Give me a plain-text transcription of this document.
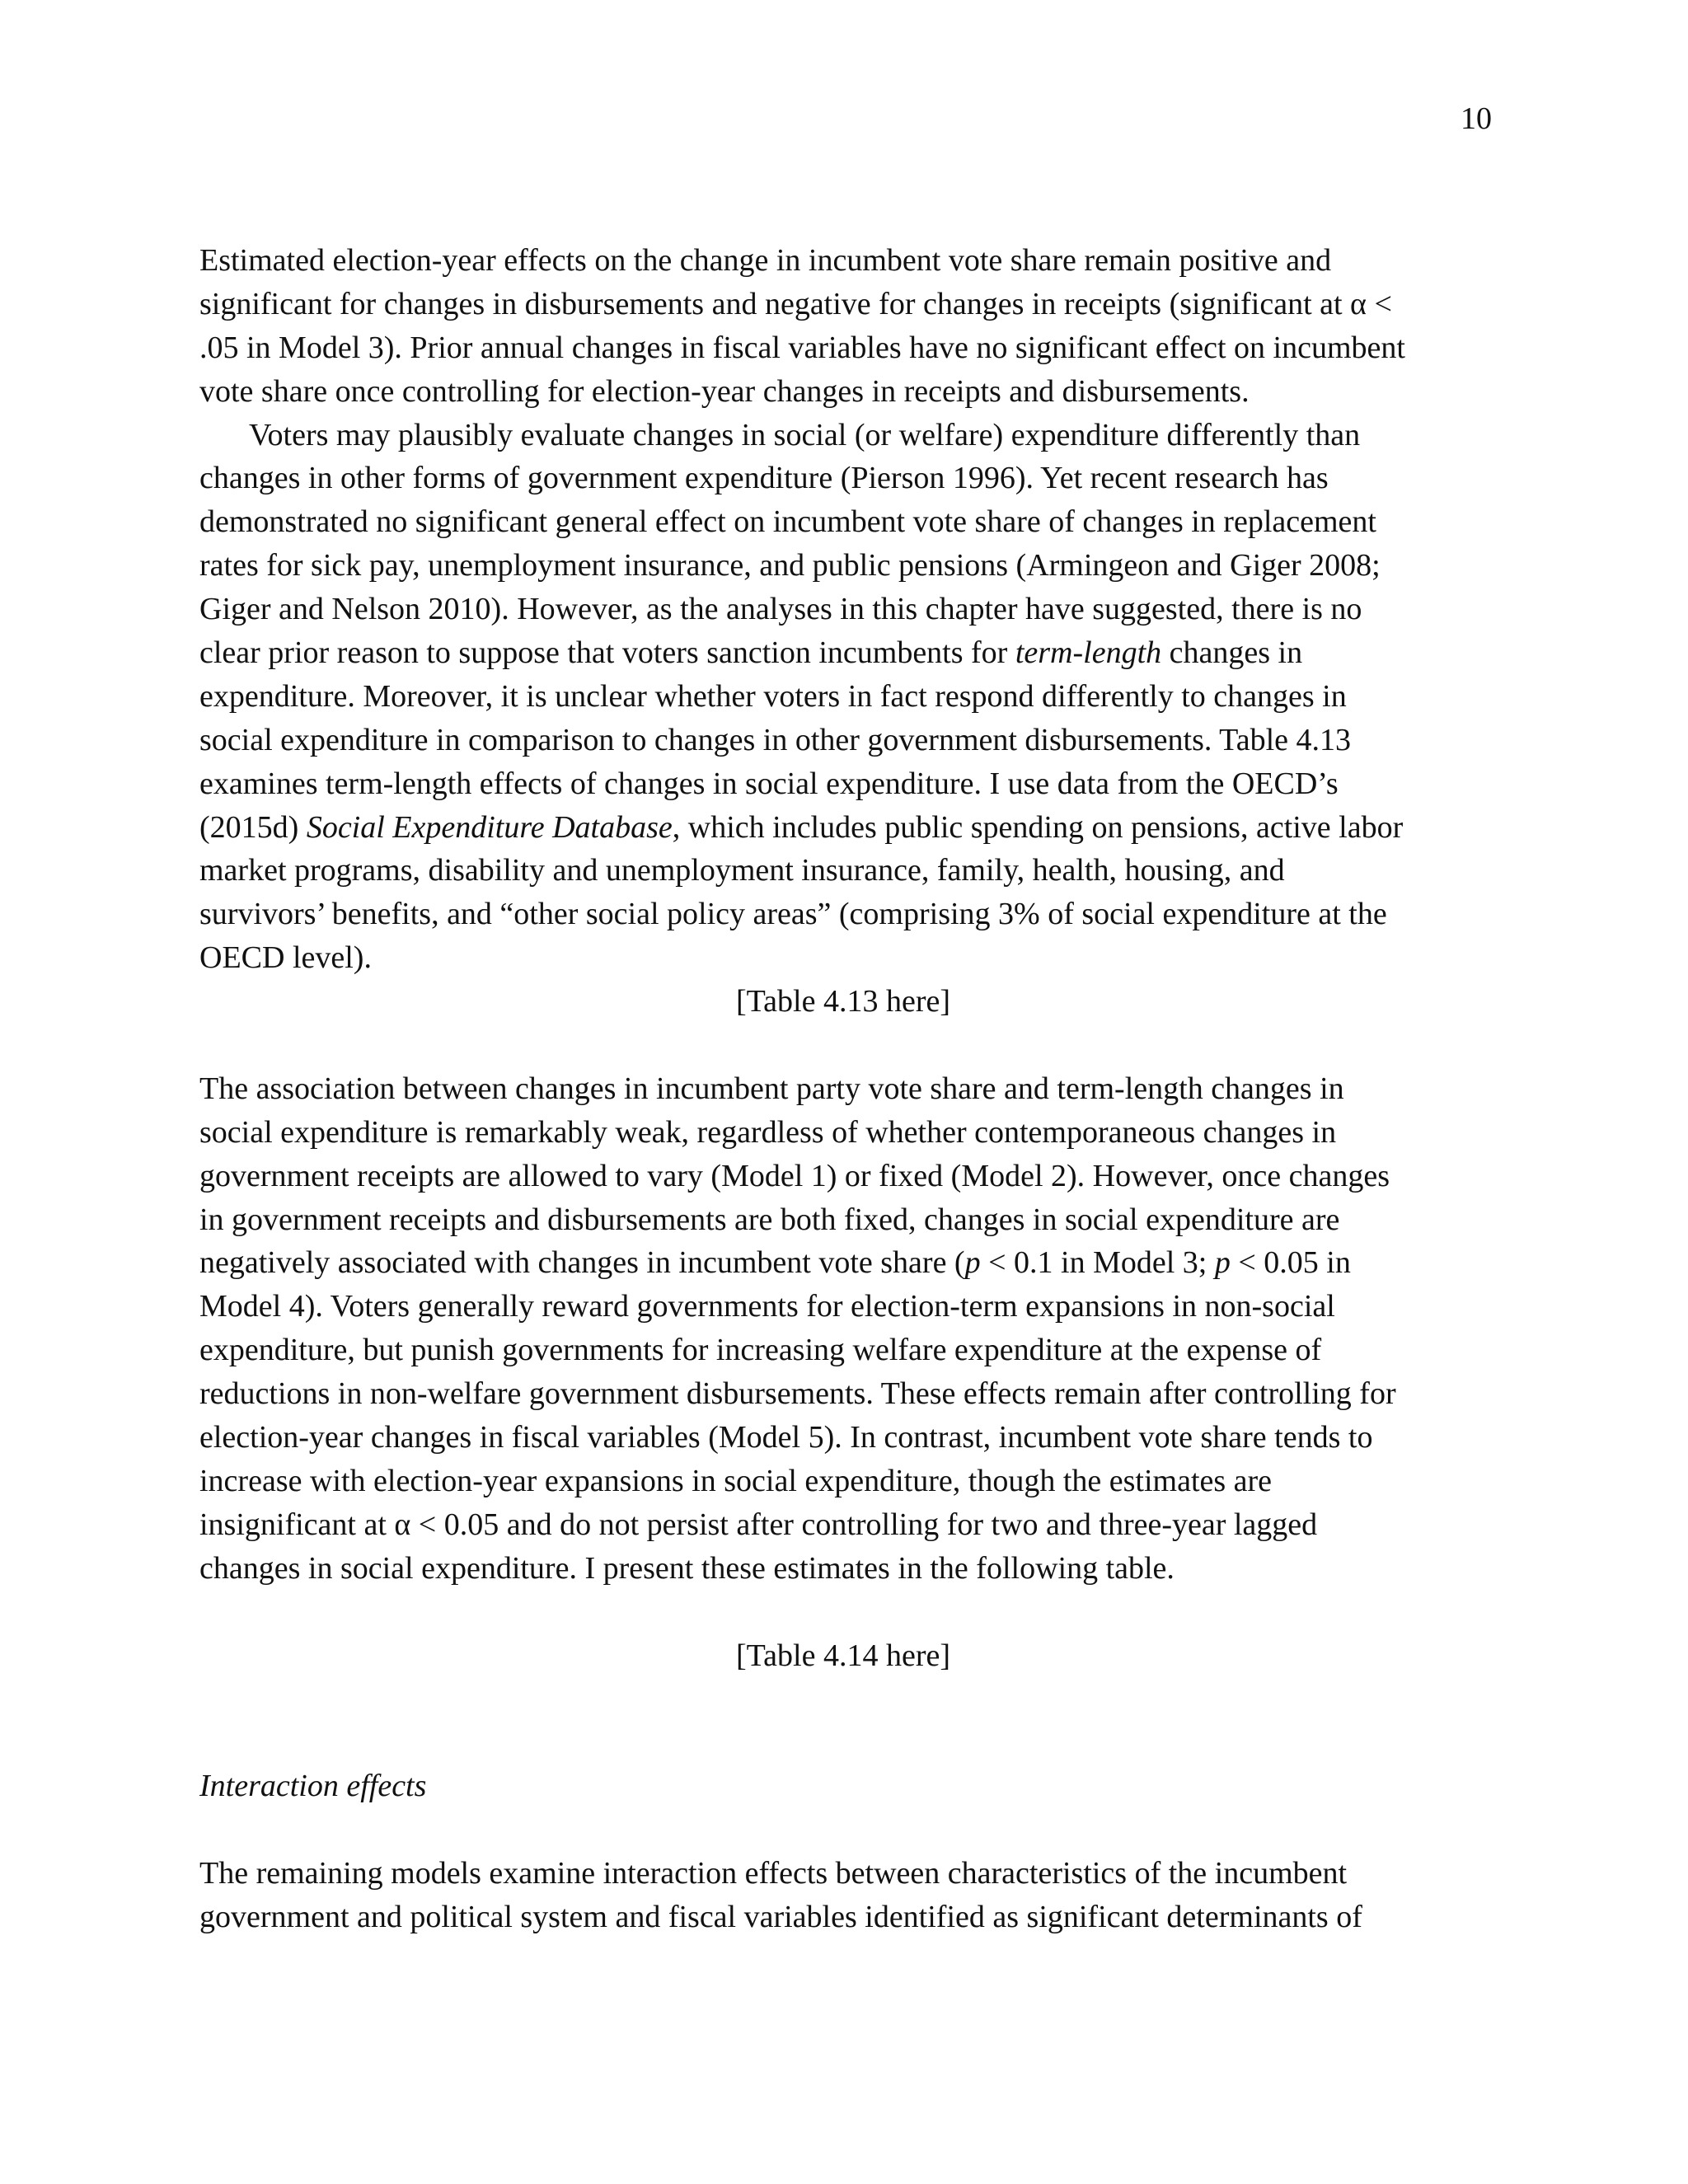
10
Estimated election-year effects on the change in incumbent vote share remain positive and
significant for changes in disbursements and negative for changes in receipts (significant at α <
.05 in Model 3). Prior annual changes in fiscal variables have no significant effect on incumbent
vote share once controlling for election-year changes in receipts and disbursements.
Voters may plausibly evaluate changes in social (or welfare) expenditure differently than
changes in other forms of government expenditure (Pierson 1996). Yet recent research has
demonstrated no significant general effect on incumbent vote share of changes in replacement
rates for sick pay, unemployment insurance, and public pensions (Armingeon and Giger 2008;
Giger and Nelson 2010). However, as the analyses in this chapter have suggested, there is no
clear prior reason to suppose that voters sanction incumbents for term-length changes in
expenditure. Moreover, it is unclear whether voters in fact respond differently to changes in
social expenditure in comparison to changes in other government disbursements. Table 4.13
examines term-length effects of changes in social expenditure. I use data from the OECD’s
(2015d) Social Expenditure Database, which includes public spending on pensions, active labor
market programs, disability and unemployment insurance, family, health, housing, and
survivors’ benefits, and “other social policy areas” (comprising 3% of social expenditure at the
OECD level).
[Table 4.13 here]
The association between changes in incumbent party vote share and term-length changes in
social expenditure is remarkably weak, regardless of whether contemporaneous changes in
government receipts are allowed to vary (Model 1) or fixed (Model 2). However, once changes
in government receipts and disbursements are both fixed, changes in social expenditure are
negatively associated with changes in incumbent vote share (p < 0.1 in Model 3; p < 0.05 in
Model 4). Voters generally reward governments for election-term expansions in non-social
expenditure, but punish governments for increasing welfare expenditure at the expense of
reductions in non-welfare government disbursements. These effects remain after controlling for
election-year changes in fiscal variables (Model 5). In contrast, incumbent vote share tends to
increase with election-year expansions in social expenditure, though the estimates are
insignificant at α < 0.05 and do not persist after controlling for two and three-year lagged
changes in social expenditure. I present these estimates in the following table.
[Table 4.14 here]
Interaction effects
The remaining models examine interaction effects between characteristics of the incumbent
government and political system and fiscal variables identified as significant determinants of
